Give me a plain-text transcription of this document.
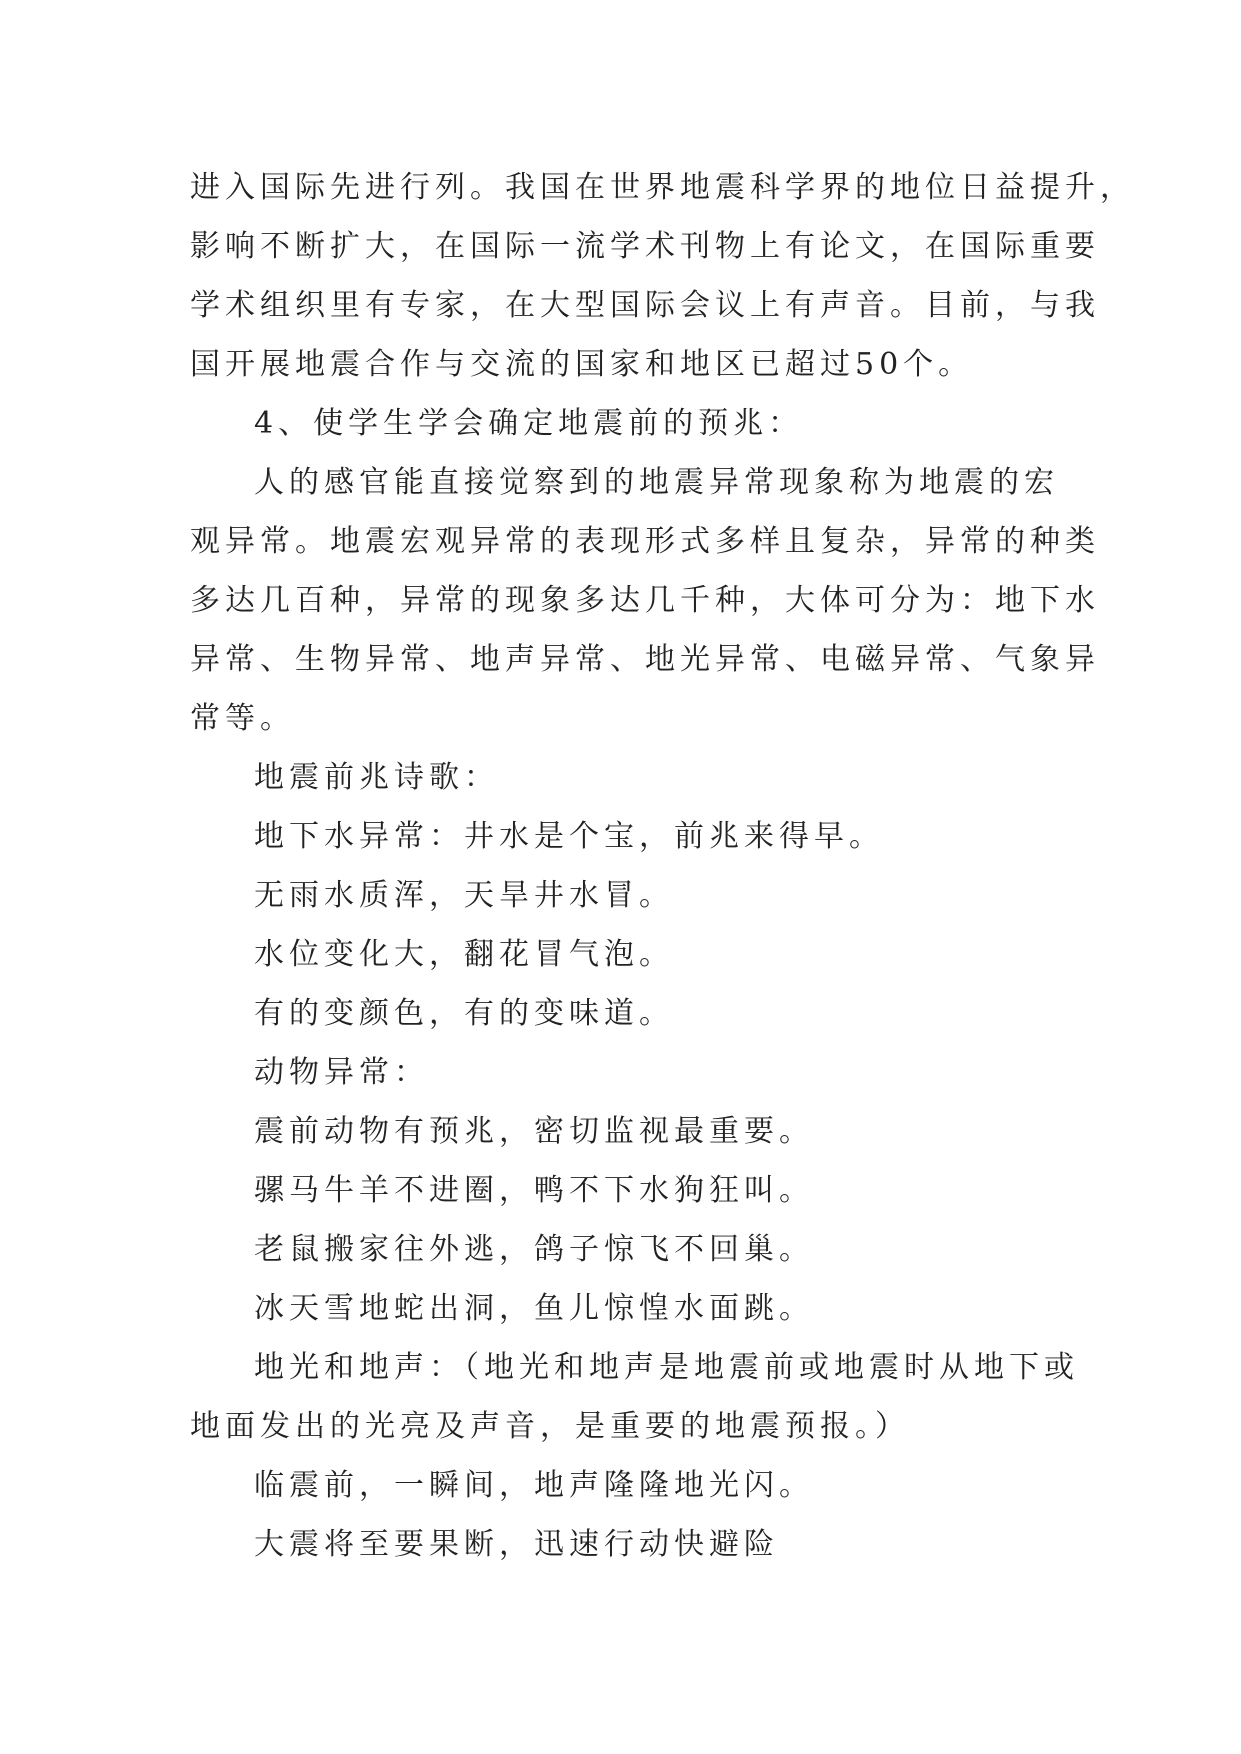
进入国际先进行列。我国在世界地震科学界的地位日益提升，
影响不断扩大，在国际一流学术刊物上有论文，在国际重要
学术组织里有专家，在大型国际会议上有声音。目前，与我
国开展地震合作与交流的国家和地区已超过50个。
4、使学生学会确定地震前的预兆：
人的感官能直接觉察到的地震异常现象称为地震的宏
观异常。地震宏观异常的表现形式多样且复杂，异常的种类
多达几百种，异常的现象多达几千种，大体可分为：地下水
异常、生物异常、地声异常、地光异常、电磁异常、气象异
常等。
地震前兆诗歌：
地下水异常：井水是个宝，前兆来得早。
无雨水质浑，天旱井水冒。
水位变化大，翻花冒气泡。
有的变颜色，有的变味道。
动物异常：
震前动物有预兆，密切监视最重要。
骡马牛羊不进圈，鸭不下水狗狂叫。
老鼠搬家往外逃，鸽子惊飞不回巢。
冰天雪地蛇出洞，鱼儿惊惶水面跳。
地光和地声：（地光和地声是地震前或地震时从地下或
地面发出的光亮及声音，是重要的地震预报。）
临震前，一瞬间，地声隆隆地光闪。
大震将至要果断，迅速行动快避险
